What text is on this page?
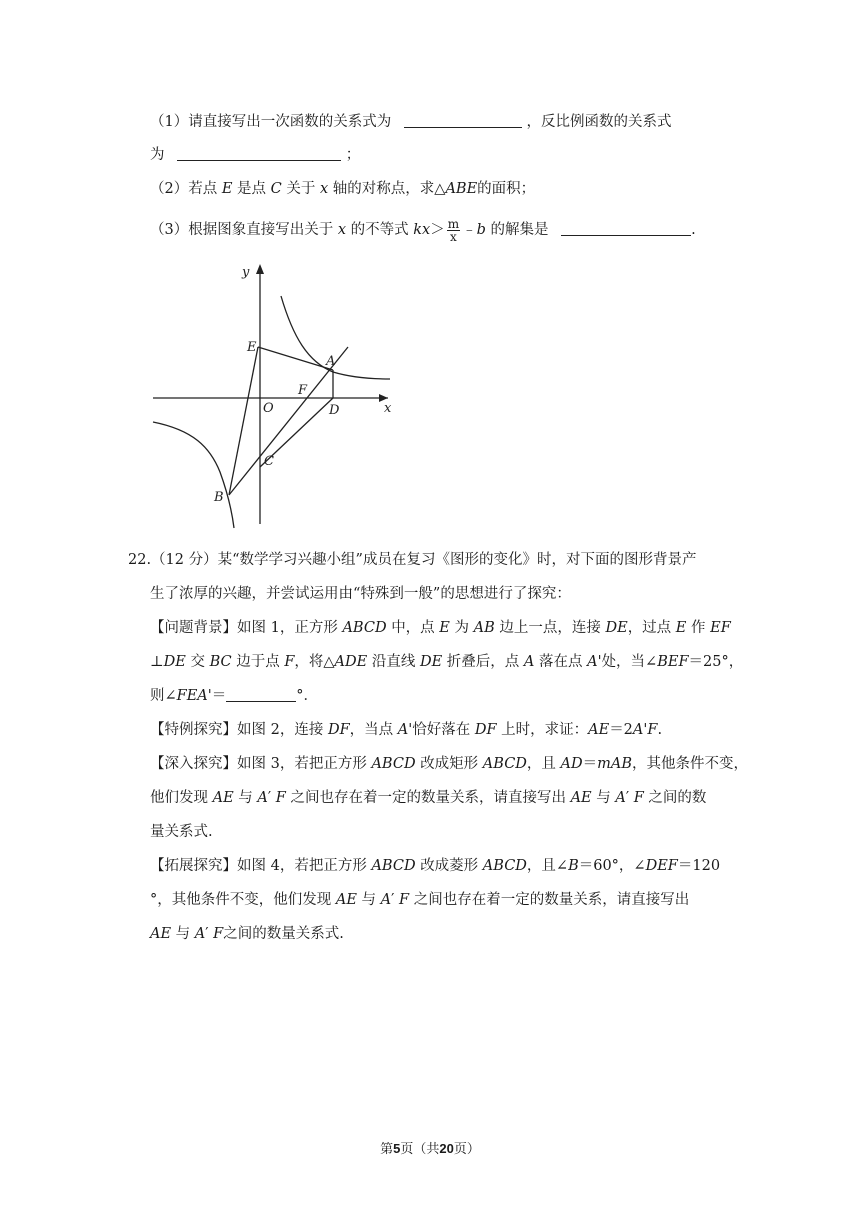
（1）请直接写出一次函数的关系式为	，反比例函数的关系式
为	；
（2）若点 E 是点 C 关于 x 轴的对称点，求△ABE的面积；
（3）根据图象直接写出关于 x 的不等式 $kx> \frac{m}{x}$ ﹣b 的解集是	.
y
x
E
A
F
O	D
C
B
22.（12 分）某“数学学习兴趣小组”成员在复习《图形的变化》时，对下面的图形背景产
生了浓厚的兴趣，并尝试运用由“特殊到一般”的思想进行了探究：
【问题背景】如图 1，正方形 ABCD 中，点 E 为 AB 边上一点，连接 DE，过点 E 作 EF
⊥DE 交 BC 边于点 F，将△ADE 沿直线 DE 折叠后，点 A 落在点 A'处，当∠BEF＝25°，
则∠FEA'＝	°．
【特例探究】如图 2，连接 DF，当点 A'恰好落在 DF 上时，求证：AE＝2A'F.
【深入探究】如图 3，若把正方形 ABCD 改成矩形 ABCD，且 AD＝mAB，其他条件不变，
他们发现 AE 与 A′ F 之间也存在着一定的数量关系，请直接写出 AE 与 A′ F 之间的数
量关系式.
【拓展探究】如图 4，若把正方形 ABCD 改成菱形 ABCD，且∠B＝60°，∠DEF＝120
°，其他条件不变，他们发现 AE 与 A′ F 之间也存在着一定的数量关系，请直接写出
AE 与 A′ F之间的数量关系式.
第5页（共20页）
